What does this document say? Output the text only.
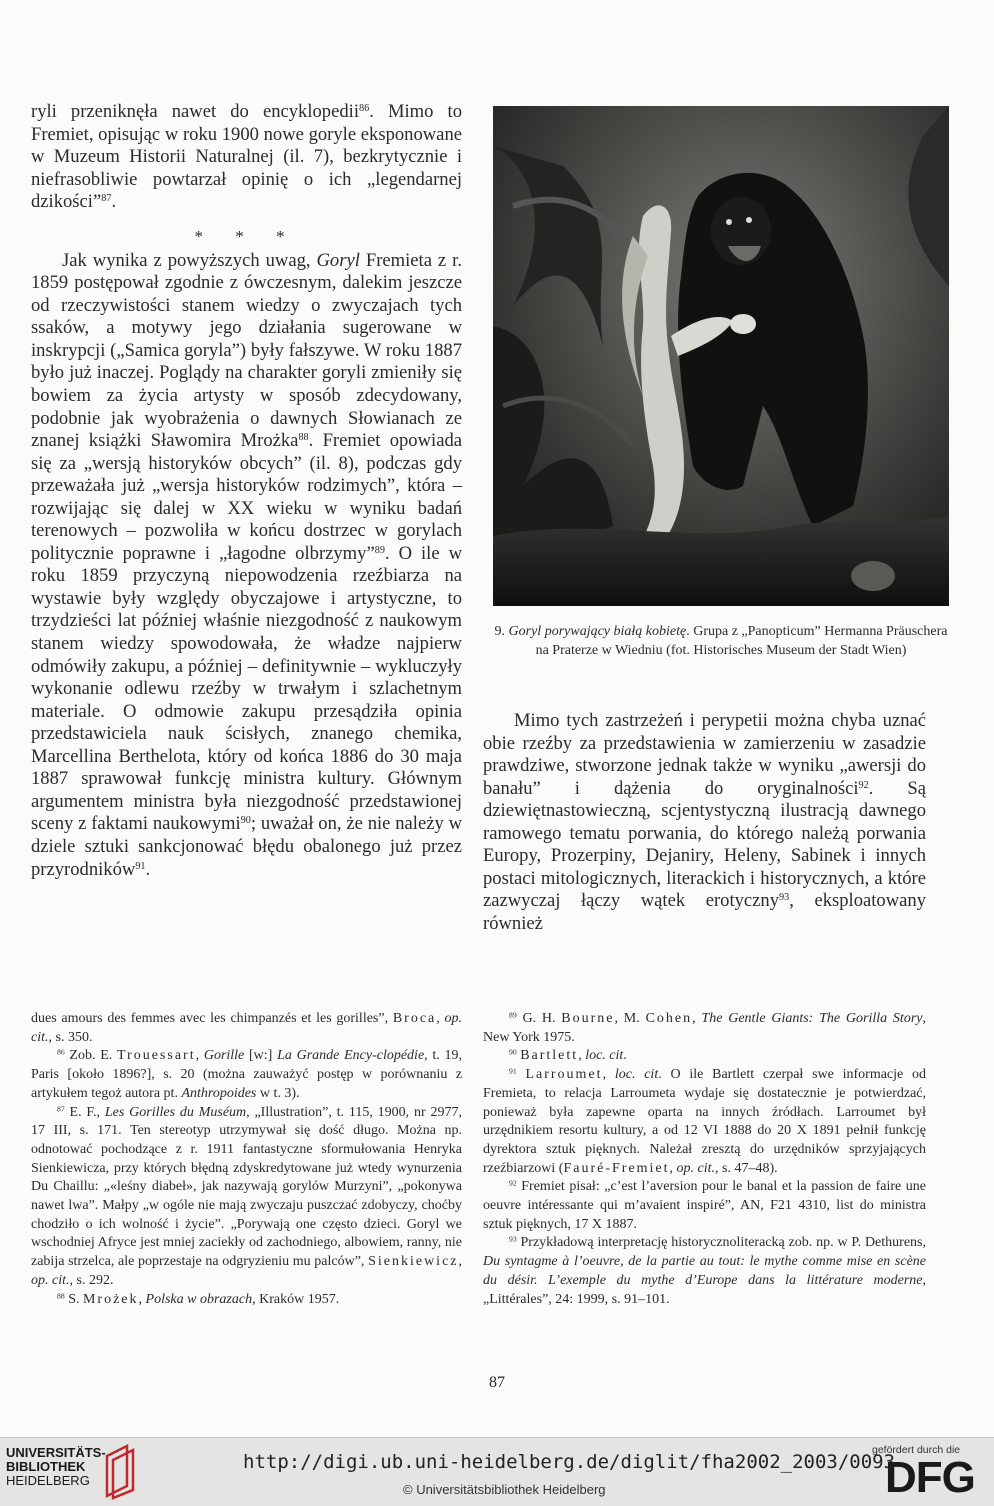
ryli przeniknęła nawet do encyklopedii$^{86}$. Mimo to Fremiet, opisując w roku 1900 nowe goryle eksponowane w Muzeum Historii Naturalnej (il. 7), bezkrytycznie i niefrasobliwie powtarzał opinię o ich „legendarnej dzikości”$^{87}$.

* * *

Jak wynika z powyższych uwag, Goryl Fremieta z r. 1859 postępował zgodnie z ówczesnym, dalekim jeszcze od rzeczywistości stanem wiedzy o zwyczajach tych ssaków, a motywy jego działania sugerowane w inskrypcji („Samica goryla”) były fałszywe. W roku 1887 było już inaczej. Poglądy na charakter goryli zmieniły się bowiem za życia artysty w sposób zdecydowany, podobnie jak wyobrażenia o dawnych Słowianach ze znanej książki Sławomira Mrożka$^{88}$. Fremiet opowiada się za „wersją historyków obcych” (il. 8), podczas gdy przeważała już „wersja historyków rodzimych”, która – rozwijając się dalej w XX wieku w wyniku badań terenowych – pozwoliła w końcu dostrzec w gorylach politycznie poprawne i „łagodne olbrzymy”$^{89}$. O ile w roku 1859 przyczyną niepowodzenia rzeźbiarza na wystawie były względy obyczajowe i artystyczne, to trzydzieści lat później właśnie niezgodność z naukowym stanem wiedzy spowodowała, że władze najpierw odmówiły zakupu, a później – definitywnie – wykluczyły wykonanie odlewu rzeźby w trwałym i szlachetnym materiale. O odmowie zakupu przesądziła opinia przedstawiciela nauk ścisłych, znanego chemika, Marcellina Berthelota, który od końca 1886 do 30 maja 1887 sprawował funkcję ministra kultury. Głównym argumentem ministra była niezgodność przedstawionej sceny z faktami naukowymi$^{90}$; uważał on, że nie należy w dziele sztuki sankcjonować błędu obalonego już przez przyrodników$^{91}$.

9. Goryl porywający białą kobietę. Grupa z „Panopticum” Hermanna Präuschera na Praterze w Wiedniu (fot. Historisches Museum der Stadt Wien)

Mimo tych zastrzeżeń i perypetii można chyba uznać obie rzeźby za przedstawienia w zamierzeniu w zasadzie prawdziwe, stworzone jednak także w wyniku „awersji do banału” i dążenia do oryginalności$^{92}$. Są dziewiętnastowieczną, scjentystyczną ilustracją dawnego ramowego tematu porwania, do którego należą porwania Europy, Prozerpiny, Dejaniry, Heleny, Sabinek i innych postaci mitologicznych, literackich i historycznych, a które zazwyczaj łączy wątek erotyczny$^{93}$, eksploatowany również

dues amours des femmes avec les chimpanzés et les gorilles”, Broca, op. cit., s. 350.

$^{86}$ Zob. E. Trouessart, Gorille [w:] La Grande Ency-clopédie, t. 19, Paris [około 1896?], s. 20 (można zauważyć postęp w porównaniu z artykułem tegoż autora pt. Anthropoides w t. 3).

$^{87}$ E. F., Les Gorilles du Muséum, „Illustration”, t. 115, 1900, nr 2977, 17 III, s. 171. Ten stereotyp utrzymywał się dość długo. Można np. odnotować pochodzące z r. 1911 fantastyczne sformułowania Henryka Sienkiewicza, przy których błędną zdyskredytowane już wtedy wynurzenia Du Chaillu: „«leśny diabeł», jak nazywają gorylów Murzyni”, „pokonywa nawet lwa”. Małpy „w ogóle nie mają zwyczaju puszczać zdobyczy, choćby chodziło o ich wolność i życie”. „Porywają one często dzieci. Goryl we wschodniej Afryce jest mniej zaciekły od zachodniego, albowiem, ranny, nie zabija strzelca, ale poprzestaje na odgryzieniu mu palców”, Sienkiewicz, op. cit., s. 292.

$^{88}$ S. Mrożek, Polska w obrazach, Kraków 1957.

$^{89}$ G. H. Bourne, M. Cohen, The Gentle Giants: The Gorilla Story, New York 1975.

$^{90}$ Bartlett, loc. cit.

$^{91}$ Larroumet, loc. cit. O ile Bartlett czerpał swe informacje od Fremieta, to relacja Larroumeta wydaje się dostatecznie je potwierdzać, ponieważ była zapewne oparta na innych źródłach. Larroumet był urzędnikiem resortu kultury, a od 12 VI 1888 do 20 X 1891 pełnił funkcję dyrektora sztuk pięknych. Należał zresztą do urzędników sprzyjających rzeźbiarzowi (Fauré-Fremiet, op. cit., s. 47–48).

$^{92}$ Fremiet pisał: „c’est l’aversion pour le banal et la passion de faire une oeuvre intéressante qui m’avaient inspiré”, AN, F21 4310, list do ministra sztuk pięknych, 17 X 1887.

$^{93}$ Przykładową interpretację historycznoliteracką zob. np. w P. Dethurens, Du syntagme à l’oeuvre, de la partie au tout: le mythe comme mise en scène du désir. L’exemple du mythe d’Europe dans la littérature moderne, „Littérales”, 24: 1999, s. 91–101.

87
UNIVERSITÄTS-
BIBLIOTHEK
HEIDELBERG
http://digi.ub.uni-heidelberg.de/diglit/fha2002_2003/0093
© Universitätsbibliothek Heidelberg
gefördert durch die
DFG
